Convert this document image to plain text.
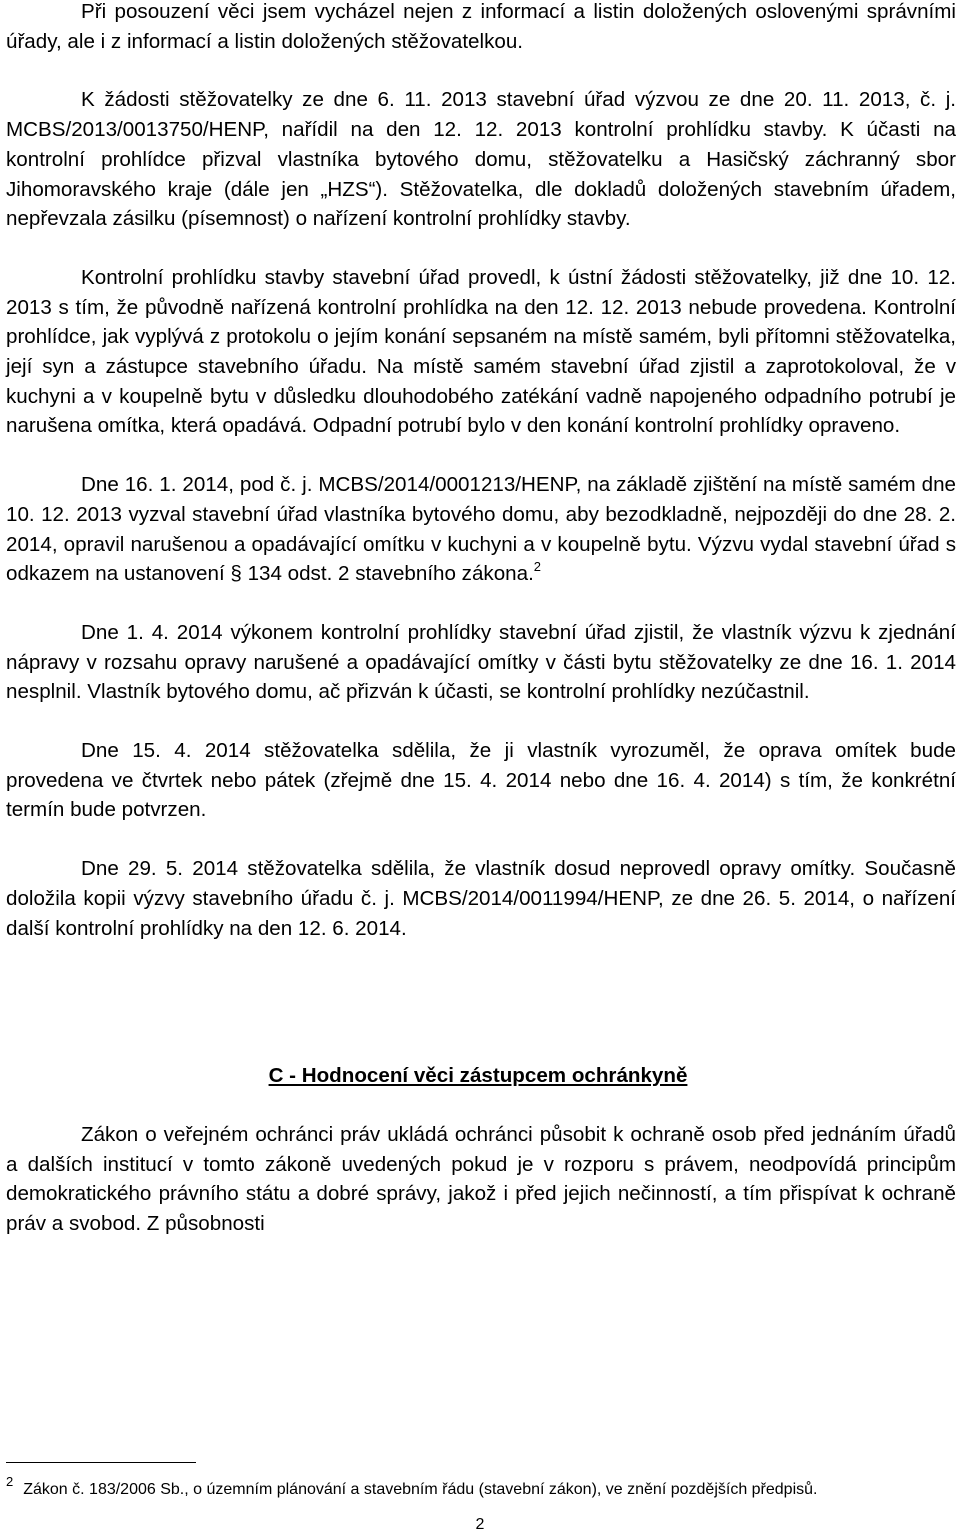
Při posouzení věci jsem vycházel nejen z informací a listin doložených oslovenými správními úřady, ale i z informací a listin doložených stěžovatelkou.

K žádosti stěžovatelky ze dne 6. 11. 2013 stavební úřad výzvou ze dne 20. 11. 2013, č. j. MCBS/2013/0013750/HENP, nařídil na den 12. 12. 2013 kontrolní prohlídku stavby. K účasti na kontrolní prohlídce přizval vlastníka bytového domu, stěžovatelku a Hasičský záchranný sbor Jihomoravského kraje (dále jen „HZS“). Stěžovatelka, dle dokladů doložených stavebním úřadem, nepřevzala zásilku (písemnost) o nařízení kontrolní prohlídky stavby.

Kontrolní prohlídku stavby stavební úřad provedl, k ústní žádosti stěžovatelky, již dne 10. 12. 2013 s tím, že původně nařízená kontrolní prohlídka na den 12. 12. 2013 nebude provedena. Kontrolní prohlídce, jak vyplývá z protokolu o jejím konání sepsaném na místě samém, byli přítomni stěžovatelka, její syn a zástupce stavebního úřadu. Na místě samém stavební úřad zjistil a zaprotokoloval, že v kuchyni a v koupelně bytu v důsledku dlouhodobého zatékání vadně napojeného odpadního potrubí je narušena omítka, která opadává. Odpadní potrubí bylo v den konání kontrolní prohlídky opraveno.

Dne 16. 1. 2014, pod č. j. MCBS/2014/0001213/HENP, na základě zjištění na místě samém dne 10. 12. 2013 vyzval stavební úřad vlastníka bytového domu, aby bezodkladně, nejpozději do dne 28. 2. 2014, opravil narušenou a opadávající omítku v kuchyni a v koupelně bytu. Výzvu vydal stavební úřad s odkazem na ustanovení § 134 odst. 2 stavebního zákona.$^2$

Dne 1. 4. 2014 výkonem kontrolní prohlídky stavební úřad zjistil, že vlastník výzvu k zjednání nápravy v rozsahu opravy narušené a opadávající omítky v části bytu stěžovatelky ze dne 16. 1. 2014 nesplnil. Vlastník bytového domu, ač přizván k účasti, se kontrolní prohlídky nezúčastnil.

Dne 15. 4. 2014 stěžovatelka sdělila, že ji vlastník vyrozuměl, že oprava omítek bude provedena ve čtvrtek nebo pátek (zřejmě dne 15. 4. 2014 nebo dne 16. 4. 2014) s tím, že konkrétní termín bude potvrzen.

Dne 29. 5. 2014 stěžovatelka sdělila, že vlastník dosud neprovedl opravy omítky. Současně doložila kopii výzvy stavebního úřadu č. j. MCBS/2014/0011994/HENP, ze dne 26. 5. 2014, o nařízení další kontrolní prohlídky na den 12. 6. 2014.

C - Hodnocení věci zástupcem ochránkyně

Zákon o veřejném ochránci práv ukládá ochránci působit k ochraně osob před jednáním úřadů a dalších institucí v tomto zákoně uvedených pokud je v rozporu s právem, neodpovídá principům demokratického právního státu a dobré správy, jakož i před jejich nečinností, a tím přispívat k ochraně práv a svobod. Z působnosti

$^2$ Zákon č. 183/2006 Sb., o územním plánování a stavebním řádu (stavební zákon), ve znění pozdějších předpisů.
2
